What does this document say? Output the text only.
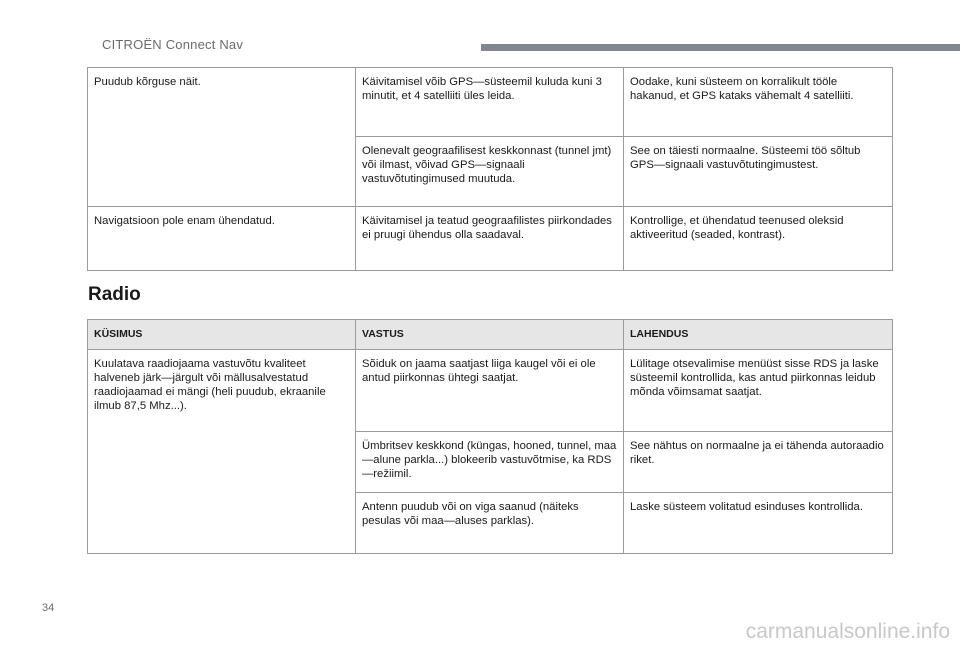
CITROËN Connect Nav
Puudub kõrguse näit.	Käivitamisel võib GPS—süsteemil kuluda kuni 3 minutit, et 4 satelliiti üles leida.	Oodake, kuni süsteem on korralikult tööle hakanud, et GPS kataks vähemalt 4 satelliiti.
	Olenevalt geograafilisest keskkonnast (tunnel jmt) või ilmast, võivad GPS—signaali vastuvõtutingimused muutuda.	See on täiesti normaalne. Süsteemi töö sõltub GPS—signaali vastuvõtutingimustest.
Navigatsioon pole enam ühendatud.	Käivitamisel ja teatud geograafilistes piirkondades ei pruugi ühendus olla saadaval.	Kontrollige, et ühendatud teenused oleksid aktiveeritud (seaded, kontrast).
Radio
KÜSIMUS	VASTUS	LAHENDUS
Kuulatava raadiojaama vastuvõtu kvaliteet halveneb järk—järgult või mällusalvestatud raadiojaamad ei mängi (heli puudub, ekraanile ilmub 87,5 Mhz...).	Sõiduk on jaama saatjast liiga kaugel või ei ole antud piirkonnas ühtegi saatjat.	Lülitage otsevalimise menüüst sisse RDS ja laske süsteemil kontrollida, kas antud piirkonnas leidub mõnda võimsamat saatjat.
	Ümbritsev keskkond (küngas, hooned, tunnel, maa—alune parkla...) blokeerib vastuvõtmise, ka RDS—režiimil.	See nähtus on normaalne ja ei tähenda autoraadio riket.
	Antenn puudub või on viga saanud (näiteks pesulas või maa—aluses parklas).	Laske süsteem volitatud esinduses kontrollida.
34
carmanualsonline.info
